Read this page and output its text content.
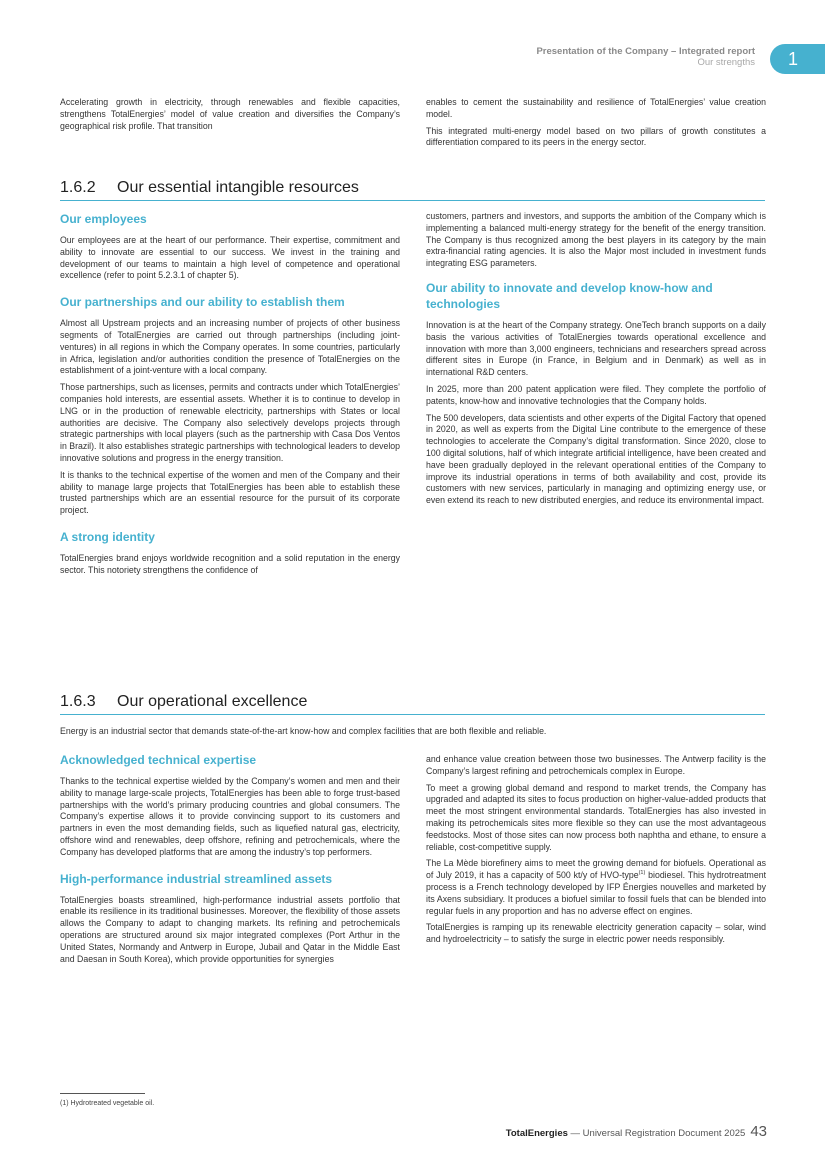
Presentation of the Company – Integrated report
Our strengths	1

Accelerating growth in electricity, through renewables and flexible capacities, strengthens TotalEnergies’ model of value creation and diversifies the Company’s geographical risk profile. That transition

enables to cement the sustainability and resilience of TotalEnergies’ value creation model.

This integrated multi-energy model based on two pillars of growth constitutes a differentiation compared to its peers in the energy sector.

1.6.2 Our essential intangible resources
Our employees

Our employees are at the heart of our performance. Their expertise, commitment and ability to innovate are essential to our success. We invest in the training and development of our teams to maintain a high level of competence and operational excellence (refer to point 5.2.3.1 of chapter 5).

Our partnerships and our ability to establish them

Almost all Upstream projects and an increasing number of projects of other business segments of TotalEnergies are carried out through partnerships (including joint-ventures) in all regions in which the Company operates. In some countries, particularly in Africa, legislation and/or authorities condition the presence of TotalEnergies on the establishment of a joint-venture with a local company.

Those partnerships, such as licenses, permits and contracts under which TotalEnergies’ companies hold interests, are essential assets. Whether it is to continue to develop in LNG or in the production of renewable electricity, partnerships with States or local authorities are decisive. The Company also selectively develops projects through strategic partnerships with local players (such as the partnership with Casa Dos Ventos in Brazil). It also establishes strategic partnerships with technological leaders to develop innovative solutions and progress in the energy transition.

It is thanks to the technical expertise of the women and men of the Company and their ability to manage large projects that TotalEnergies has been able to establish these trusted partnerships which are an essential resource for the pursuit of its corporate project.

A strong identity

TotalEnergies brand enjoys worldwide recognition and a solid reputation in the energy sector. This notoriety strengthens the confidence of

customers, partners and investors, and supports the ambition of the Company which is implementing a balanced multi-energy strategy for the benefit of the energy transition. The Company is thus recognized among the best players in its category by the main extra-financial rating agencies. It is also the Major most included in investment funds integrating ESG parameters.

Our ability to innovate and develop know-how and technologies

Innovation is at the heart of the Company strategy. OneTech branch supports on a daily basis the various activities of TotalEnergies towards operational excellence and innovation with more than 3,000 engineers, technicians and researchers spread across different sites in Europe (in France, in Belgium and in Denmark) as well as in international R&D centers.

In 2025, more than 200 patent application were filed. They complete the portfolio of patents, know-how and innovative technologies that the Company holds.

The 500 developers, data scientists and other experts of the Digital Factory that opened in 2020, as well as experts from the Digital Line contribute to the emergence of these technologies to accelerate the Company’s digital transformation. Since 2020, close to 100 digital solutions, half of which integrate artificial intelligence, have been created and have been gradually deployed in the relevant operational entities of the Company to improve its industrial operations in terms of both availability and cost, provide its customers with new services, particularly in managing and optimizing energy use, or even extend its reach to new distributed energies, and reduce its environmental impact.

1.6.3 Our operational excellence

Energy is an industrial sector that demands state-of-the-art know-how and complex facilities that are both flexible and reliable.

Acknowledged technical expertise

Thanks to the technical expertise wielded by the Company’s women and men and their ability to manage large-scale projects, TotalEnergies has been able to forge trust-based partnerships with the world’s primary producing countries and global consumers. The Company’s expertise allows it to provide convincing support to its customers and partners in even the most demanding fields, such as liquefied natural gas, electricity, offshore wind and renewables, deep offshore, refining and petrochemicals, where the Company has developed platforms that are among the industry’s top performers.

High-performance industrial streamlined assets

TotalEnergies boasts streamlined, high-performance industrial assets portfolio that enable its resilience in its traditional businesses. Moreover, the flexibility of those assets allows the Company to adapt to changing markets. Its refining and petrochemicals operations are structured around six major integrated complexes (Port Arthur in the United States, Normandy and Antwerp in Europe, Jubail and Qatar in the Middle East and Daesan in South Korea), which provide opportunities for synergies

and enhance value creation between those two businesses. The Antwerp facility is the Company’s largest refining and petrochemicals complex in Europe.

To meet a growing global demand and respond to market trends, the Company has upgraded and adapted its sites to focus production on higher-value-added products that meet the most stringent environmental standards. TotalEnergies has also invested in making its petrochemicals sites more flexible so they can use the most advantageous feedstocks. Most of those sites can now process both naphtha and ethane, to ensure a reliable, cost-competitive supply.

The La Mède biorefinery aims to meet the growing demand for biofuels. Operational as of July 2019, it has a capacity of 500 kt/y of HVO-type$^{(1)}$ biodiesel. This hydrotreatment process is a French technology developed by IFP Énergies nouvelles and marketed by its Axens subsidiary. It produces a biofuel similar to fossil fuels that can be blended into regular fuels in any proportion and has no adverse effect on engines.

TotalEnergies is ramping up its renewable electricity generation capacity – solar, wind and hydroelectricity – to satisfy the surge in electric power needs responsibly.

(1) Hydrotreated vegetable oil.
TotalEnergies — Universal Registration Document 2025 43
